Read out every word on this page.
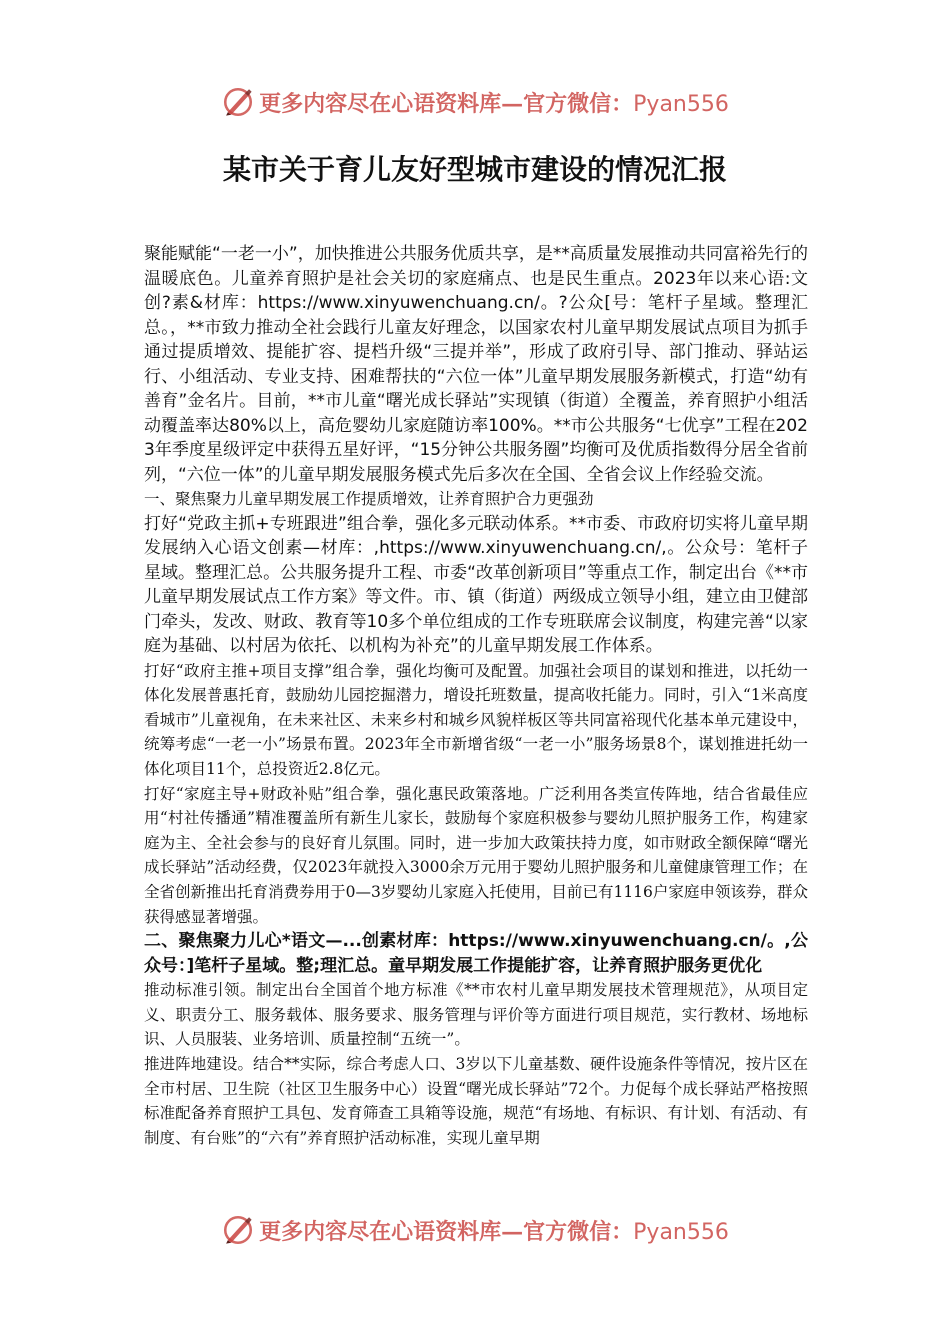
更多内容尽在心语资料库—官方微信：Pyan556
某市关于育儿友好型城市建设的情况汇报

聚能赋能“一老一小”，加快推进公共服务优质共享，是**高质量发展推动共同富裕先行的温暖底色。儿童养育照护是社会关切的家庭痛点、也是民生重点。2023年以来心语:文创?素&材库：https://www.xinyuwenchuang.cn/。?公众[号：笔杆子星域。整理汇总。，**市致力推动全社会践行儿童友好理念，以国家农村儿童早期发展试点项目为抓手通过提质增效、提能扩容、提档升级“三提并举”，形成了政府引导、部门推动、驿站运行、小组活动、专业支持、困难帮扶的“六位一体”儿童早期发展服务新模式，打造“幼有善育”金名片。目前，**市儿童“曙光成长驿站”实现镇（街道）全覆盖，养育照护小组活动覆盖率达80%以上，高危婴幼儿家庭随访率100%。**市公共服务“七优享”工程在2023年季度星级评定中获得五星好评，“15分钟公共服务圈”均衡可及优质指数得分居全省前列，“六位一体”的儿童早期发展服务模式先后多次在全国、全省会议上作经验交流。

一、聚焦聚力儿童早期发展工作提质增效，让养育照护合力更强劲

打好“党政主抓+专班跟进”组合拳，强化多元联动体系。**市委、市政府切实将儿童早期发展纳入心语文创素—材库：,https://www.xinyuwenchuang.cn/,。公众号：笔杆子星域。整理汇总。公共服务提升工程、市委“改革创新项目”等重点工作，制定出台《**市儿童早期发展试点工作方案》等文件。市、镇（街道）两级成立领导小组，建立由卫健部门牵头，发改、财政、教育等10多个单位组成的工作专班联席会议制度，构建完善“以家庭为基础、以村居为依托、以机构为补充”的儿童早期发展工作体系。

打好“政府主推+项目支撑”组合拳，强化均衡可及配置。加强社会项目的谋划和推进，以托幼一体化发展普惠托育，鼓励幼儿园挖掘潜力，增设托班数量，提高收托能力。同时，引入“1米高度看城市”儿童视角，在未来社区、未来乡村和城乡风貌样板区等共同富裕现代化基本单元建设中，统筹考虑“一老一小”场景布置。2023年全市新增省级“一老一小”服务场景8个，谋划推进托幼一体化项目11个，总投资近2.8亿元。

打好“家庭主导+财政补贴”组合拳，强化惠民政策落地。广泛利用各类宣传阵地，结合省最佳应用“村社传播通”精准覆盖所有新生儿家长，鼓励每个家庭积极参与婴幼儿照护服务工作，构建家庭为主、全社会参与的良好育儿氛围。同时，进一步加大政策扶持力度，如市财政全额保障“曙光成长驿站”活动经费，仅2023年就投入3000余万元用于婴幼儿照护服务和儿童健康管理工作；在全省创新推出托育消费券用于0—3岁婴幼儿家庭入托使用，目前已有1116户家庭申领该券，群众获得感显著增强。

二、聚焦聚力儿心*语文—...创素材库：https://www.xinyuwenchuang.cn/。,公众号：]笔杆子星域。整;理汇总。童早期发展工作提能扩容，让养育照护服务更优化

推动标准引领。制定出台全国首个地方标准《**市农村儿童早期发展技术管理规范》，从项目定义、职责分工、服务载体、服务要求、服务管理与评价等方面进行项目规范，实行教材、场地标识、人员服装、业务培训、质量控制“五统一”。

推进阵地建设。结合**实际，综合考虑人口、3岁以下儿童基数、硬件设施条件等情况，按片区在全市村居、卫生院（社区卫生服务中心）设置“曙光成长驿站”72个。力促每个成长驿站严格按照标准配备养育照护工具包、发育筛查工具箱等设施，规范“有场地、有标识、有计划、有活动、有制度、有台账”的“六有”养育照护活动标准，实现儿童早期

更多内容尽在心语资料库—官方微信：Pyan556
